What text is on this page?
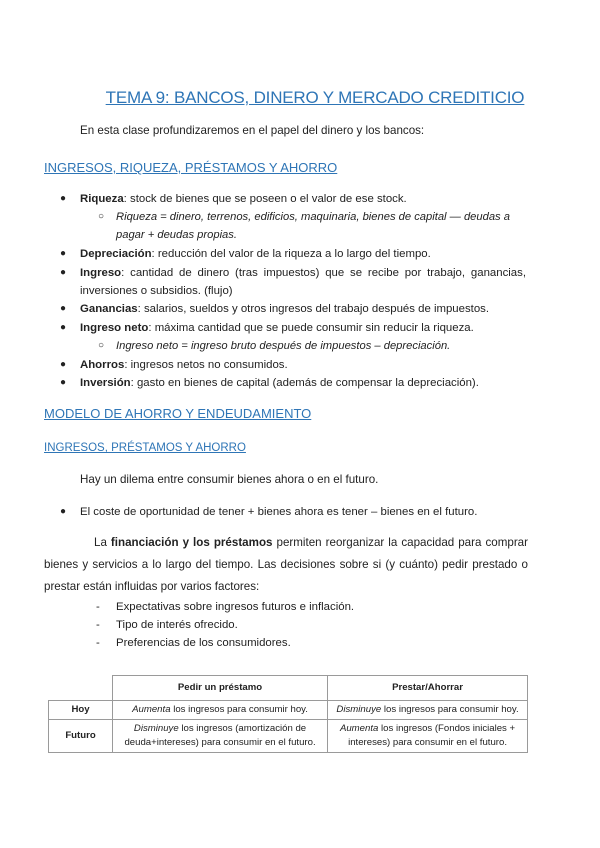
TEMA 9: BANCOS, DINERO Y MERCADO CREDITICIO
En esta clase profundizaremos en el papel del dinero y los bancos:
INGRESOS, RIQUEZA, PRÉSTAMOS Y AHORRO
● Riqueza: stock de bienes que se poseen o el valor de ese stock.
○ Riqueza = dinero, terrenos, edificios, maquinaria, bienes de capital — deudas a pagar + deudas propias.
● Depreciación: reducción del valor de la riqueza a lo largo del tiempo.
● Ingreso: cantidad de dinero (tras impuestos) que se recibe por trabajo, ganancias, inversiones o subsidios. (flujo)
● Ganancias: salarios, sueldos y otros ingresos del trabajo después de impuestos.
● Ingreso neto: máxima cantidad que se puede consumir sin reducir la riqueza.
○ Ingreso neto = ingreso bruto después de impuestos – depreciación.
● Ahorros: ingresos netos no consumidos.
● Inversión: gasto en bienes de capital (además de compensar la depreciación).
MODELO DE AHORRO Y ENDEUDAMIENTO
INGRESOS, PRÉSTAMOS Y AHORRO
Hay un dilema entre consumir bienes ahora o en el futuro.
● El coste de oportunidad de tener + bienes ahora es tener – bienes en el futuro.
La financiación y los préstamos permiten reorganizar la capacidad para comprar bienes y servicios a lo largo del tiempo. Las decisiones sobre si (y cuánto) pedir prestado o prestar están influidas por varios factores:
- Expectativas sobre ingresos futuros e inflación.
- Tipo de interés ofrecido.
- Preferencias de los consumidores.
	Pedir un préstamo	Prestar/Ahorrar
Hoy	Aumenta los ingresos para consumir hoy.	Disminuye los ingresos para consumir hoy.
Futuro	Disminuye los ingresos (amortización de deuda+intereses) para consumir en el futuro.	Aumenta los ingresos (Fondos iniciales + intereses) para consumir en el futuro.
